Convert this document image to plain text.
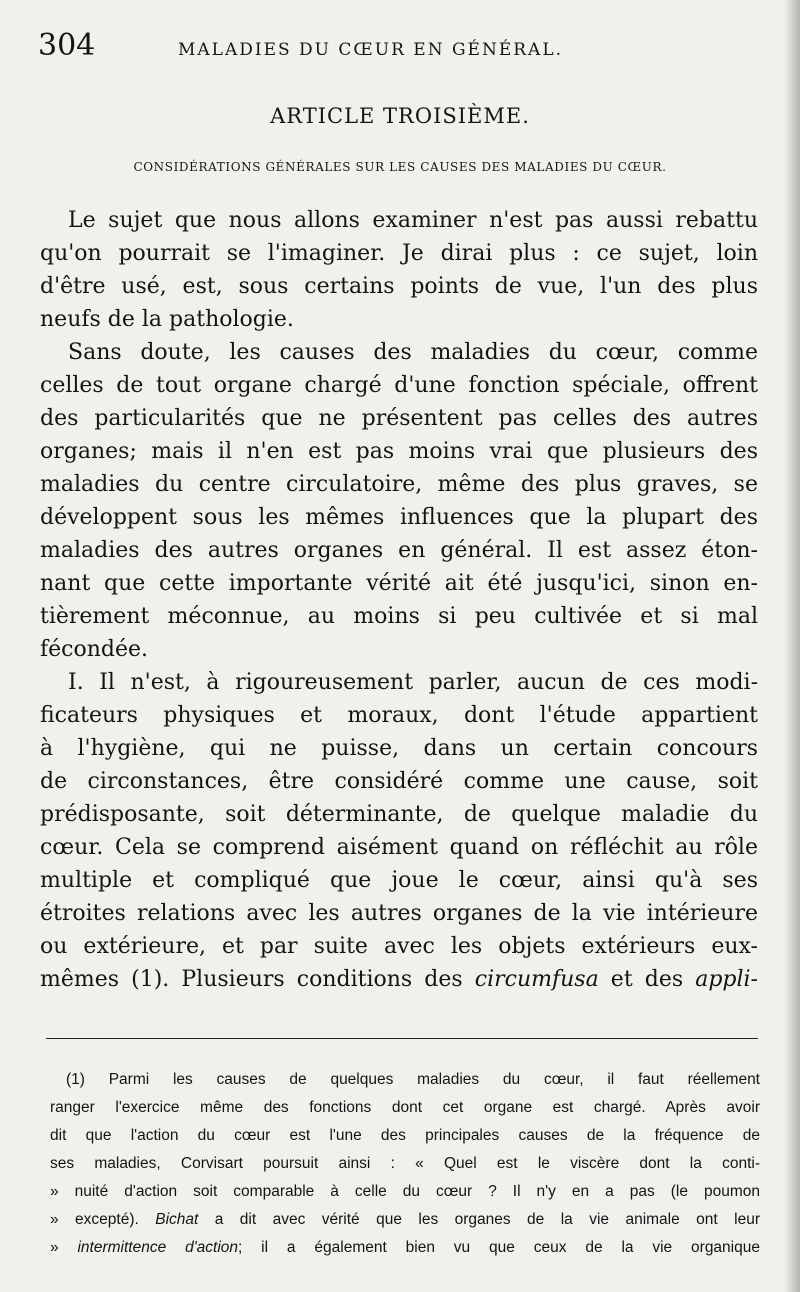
304	MALADIES DU CŒUR EN GÉNÉRAL.
ARTICLE TROISIÈME.
CONSIDÉRATIONS GÉNÉRALES SUR LES CAUSES DES MALADIES DU CŒUR.
Le sujet que nous allons examiner n'est pas aussi rebattu
qu'on pourrait se l'imaginer. Je dirai plus : ce sujet, loin
d'être usé, est, sous certains points de vue, l'un des plus
neufs de la pathologie.
Sans doute, les causes des maladies du cœur, comme
celles de tout organe chargé d'une fonction spéciale, offrent
des particularités que ne présentent pas celles des autres
organes; mais il n'en est pas moins vrai que plusieurs des
maladies du centre circulatoire, même des plus graves, se
développent sous les mêmes influences que la plupart des
maladies des autres organes en général. Il est assez éton-
nant que cette importante vérité ait été jusqu'ici, sinon en-
tièrement méconnue, au moins si peu cultivée et si mal
fécondée.
I. Il n'est, à rigoureusement parler, aucun de ces modi-
ficateurs physiques et moraux, dont l'étude appartient
à l'hygiène, qui ne puisse, dans un certain concours
de circonstances, être considéré comme une cause, soit
prédisposante, soit déterminante, de quelque maladie du
cœur. Cela se comprend aisément quand on réfléchit au rôle
multiple et compliqué que joue le cœur, ainsi qu'à ses
étroites relations avec les autres organes de la vie intérieure
ou extérieure, et par suite avec les objets extérieurs eux-
mêmes (1). Plusieurs conditions des circumfusa et des appli-
(1) Parmi les causes de quelques maladies du cœur, il faut réellement
ranger l'exercice même des fonctions dont cet organe est chargé. Après avoir
dit que l'action du cœur est l'une des principales causes de la fréquence de
ses maladies, Corvisart poursuit ainsi : « Quel est le viscère dont la conti-
» nuité d'action soit comparable à celle du cœur ? Il n'y en a pas (le poumon
» excepté). Bichat a dit avec vérité que les organes de la vie animale ont leur
» intermittence d'action; il a également bien vu que ceux de la vie organique
